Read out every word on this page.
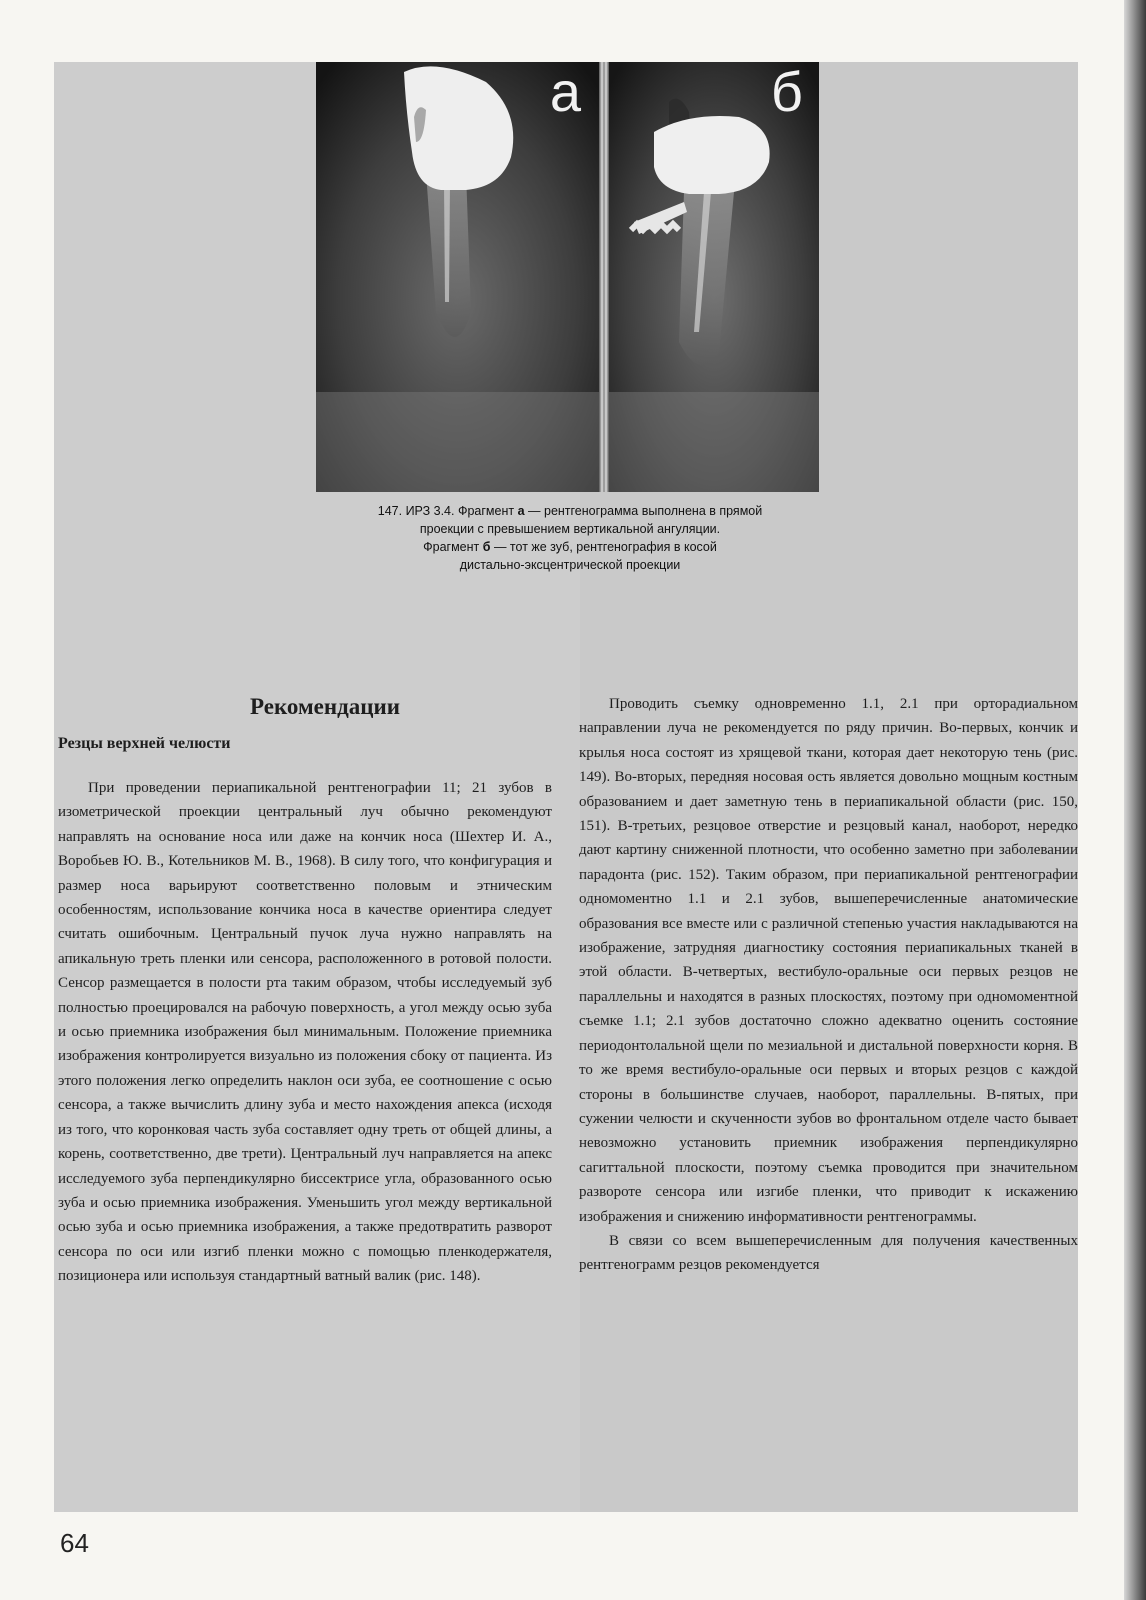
а	б

147. ИРЗ 3.4. Фрагмент а — рентгенограмма выполнена в прямой

проекции с превышением вертикальной ангуляции.

Фрагмент б — тот же зуб, рентгенография в косой

дистально-эксцентрической проекции

Рекомендации
Резцы верхней челюсти

При проведении периапикальной рентгенографии 11; 21 зубов в изометрической проекции центральный луч обычно рекомендуют направлять на основание носа или даже на кончик носа (Шехтер И. А., Воробьев Ю. В., Котельников М. В., 1968). В силу того, что конфигурация и размер носа варьируют соответственно половым и этническим особенностям, использование кончика носа в качестве ориентира следует считать ошибочным. Центральный пучок луча нужно направлять на апикальную треть пленки или сенсора, расположенного в ротовой полости. Сенсор размещается в полости рта таким образом, чтобы исследуемый зуб полностью проецировался на рабочую поверхность, а угол между осью зуба и осью приемника изображения был минимальным. Положение приемника изображения контролируется визуально из положения сбоку от пациента. Из этого положения легко определить наклон оси зуба, ее соотношение с осью сенсора, а также вычислить длину зуба и место нахождения апекса (исходя из того, что коронковая часть зуба составляет одну треть от общей длины, а корень, соответственно, две трети). Центральный луч направляется на апекс исследуемого зуба перпендикулярно биссектрисе угла, образованного осью зуба и осью приемника изображения. Уменьшить угол между вертикальной осью зуба и осью приемника изображения, а также предотвратить разворот сенсора по оси или изгиб пленки можно с помощью пленкодержателя, позиционера или используя стандартный ватный валик (рис. 148).

Проводить съемку одновременно 1.1, 2.1 при ортоpадиальном направлении луча не рекомендуется по ряду причин. Во-первых, кончик и крылья носа состоят из хрящевой ткани, которая дает некоторую тень (рис. 149). Во-вторых, передняя носовая ость является довольно мощным костным образованием и дает заметную тень в периапикальной области (рис. 150, 151). В-третьих, резцовое отверстие и резцовый канал, наоборот, нередко дают картину сниженной плотности, что особенно заметно при заболевании парадонта (рис. 152). Таким образом, при периапикальной рентгенографии одномоментно 1.1 и 2.1 зубов, вышеперечисленные анатомические образования все вместе или с различной степенью участия накладываются на изображение, затрудняя диагностику состояния периапикальных тканей в этой области. В-четвертых, вестибуло-оральные оси первых резцов не параллельны и находятся в разных плоскостях, поэтому при одномоментной съемке 1.1; 2.1 зубов достаточно сложно адекватно оценить состояние периодонтолальной щели по мезиальной и дистальной поверхности корня. В то же время вестибуло-оральные оси первых и вторых резцов с каждой стороны в большинстве случаев, наоборот, параллельны. В-пятых, при сужении челюсти и скученности зубов во фронтальном отделе часто бывает невозможно установить приемник изображения перпендикулярно сагиттальной плоскости, поэтому съемка проводится при значительном развороте сенсора или изгибе пленки, что приводит к искажению изображения и снижению информативности рентгенограммы.

В связи со всем вышеперечисленным для получения качественных рентгенограмм резцов рекомендуется

64
